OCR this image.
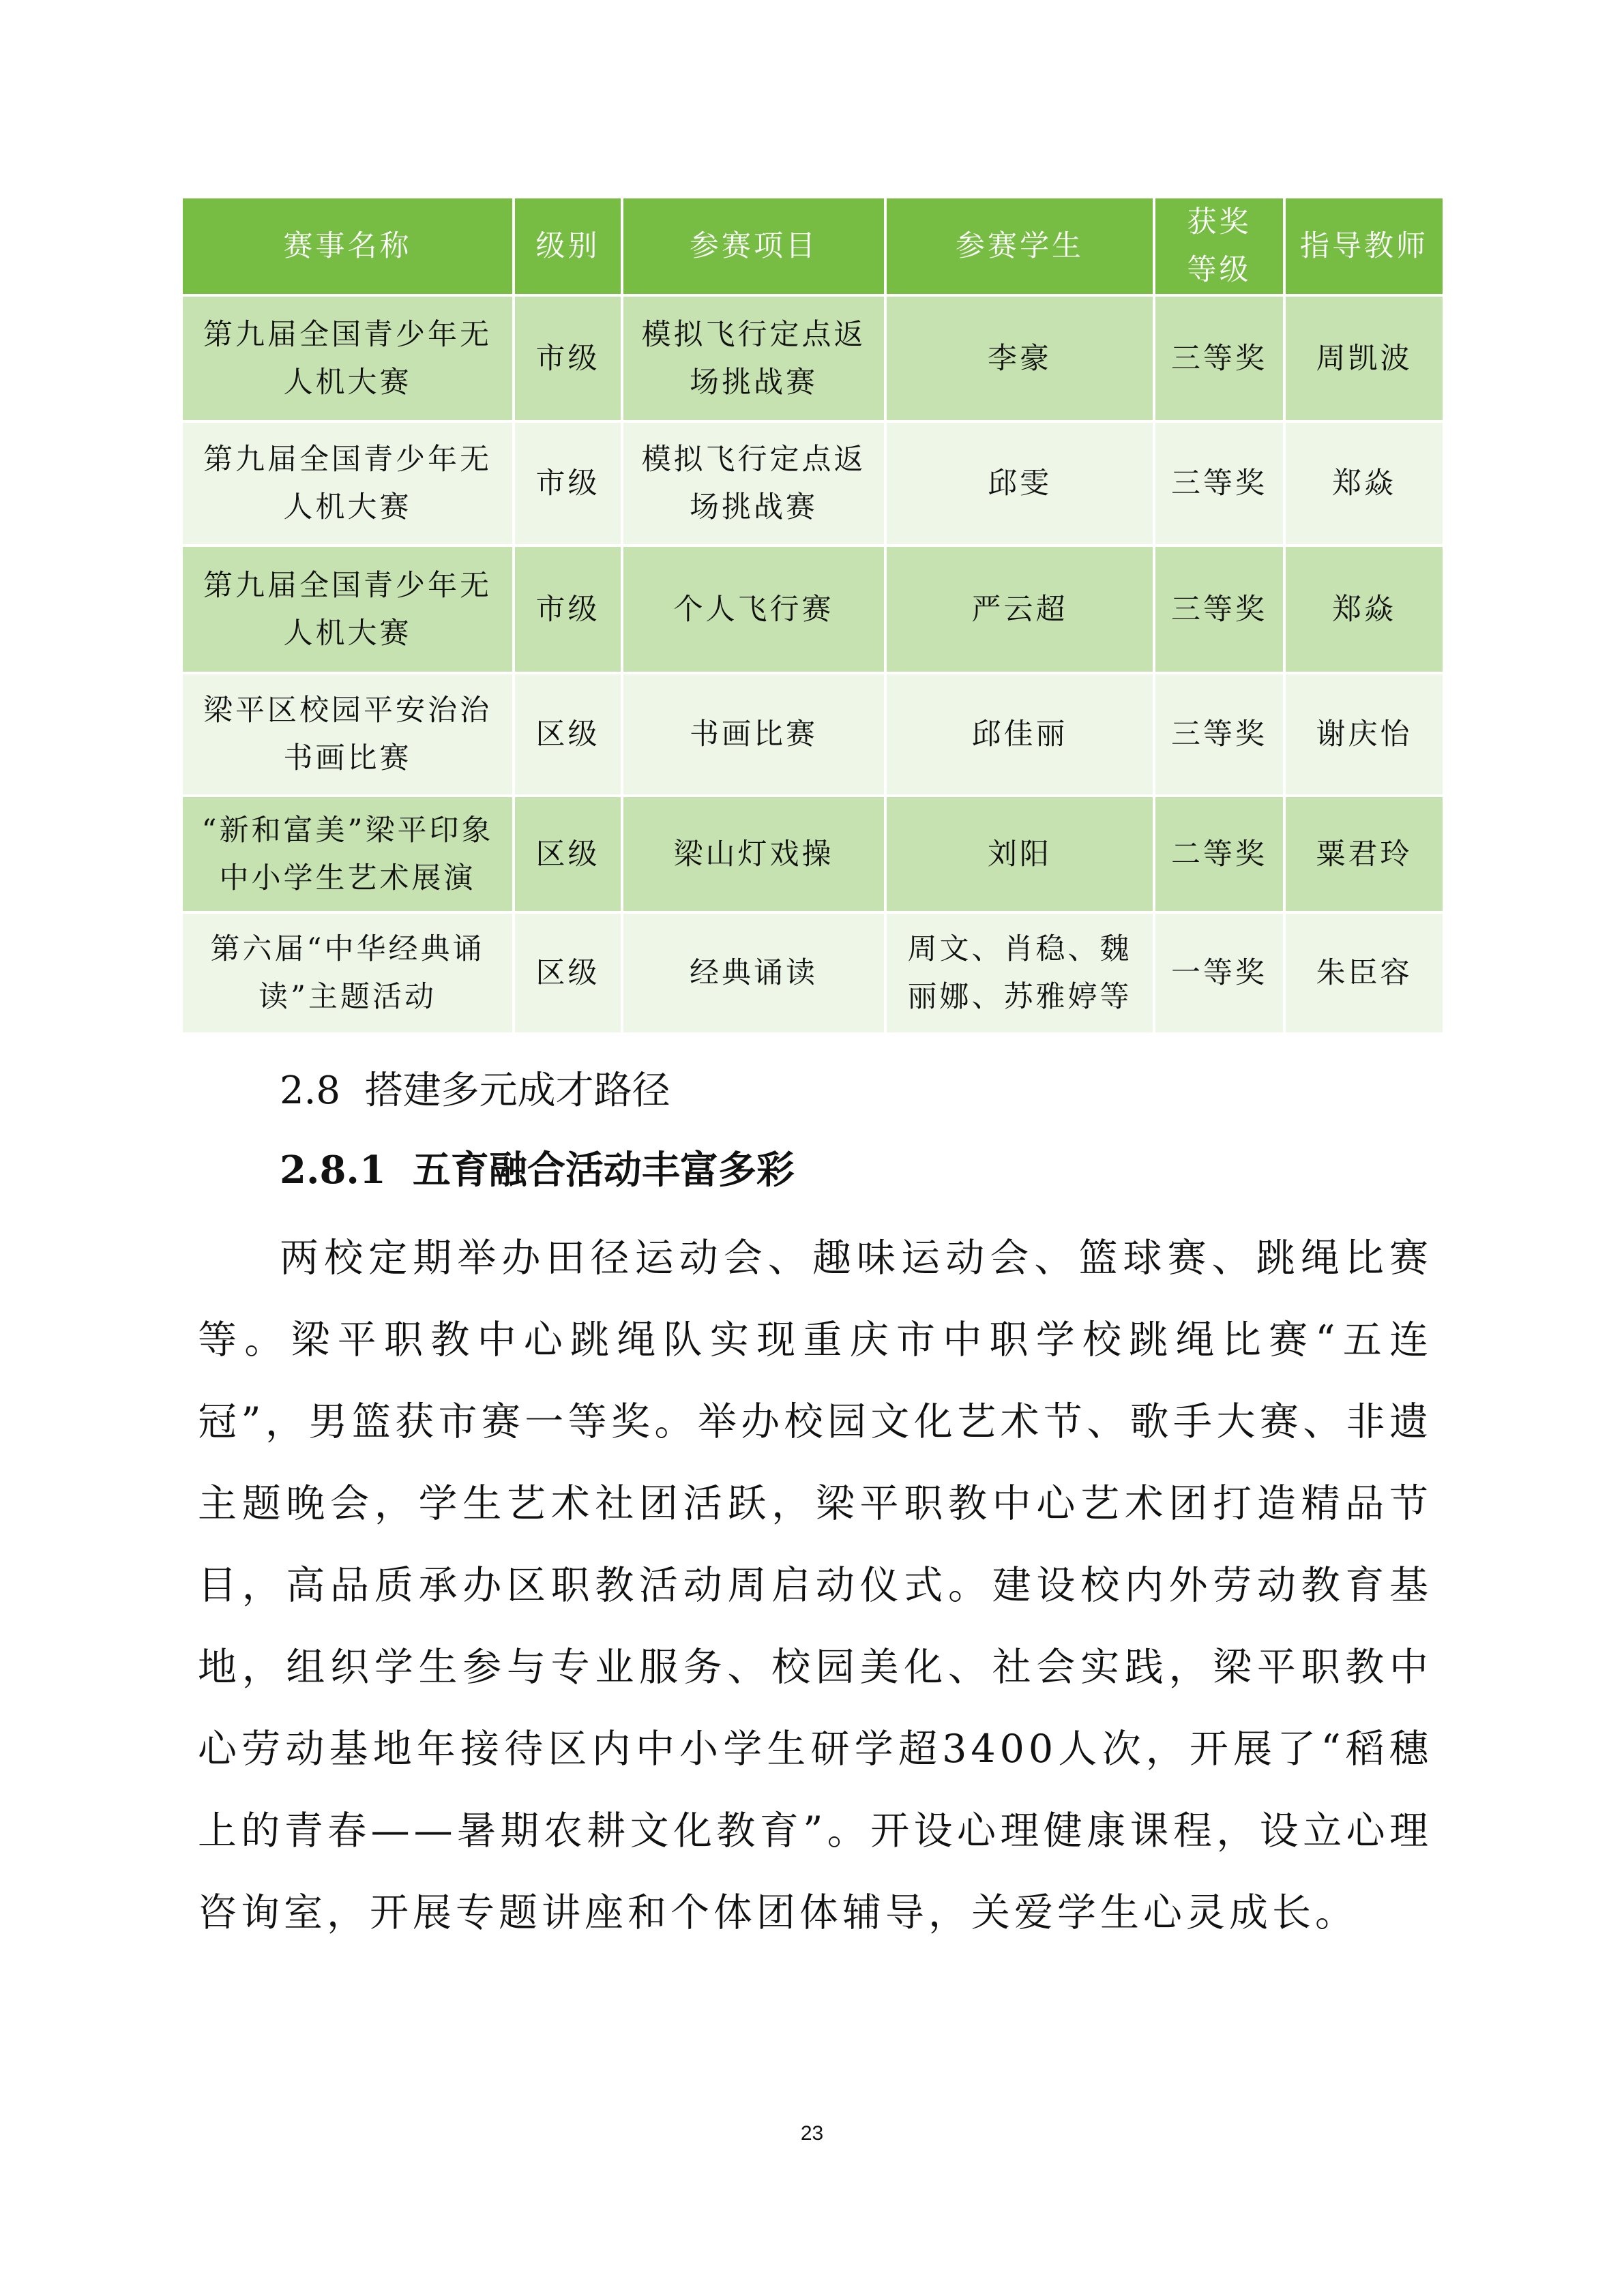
赛事名称	级别	参赛项目	参赛学生	获奖等级	指导教师
第九届全国青少年无人机大赛	市级	模拟飞行定点返场挑战赛	李豪	三等奖	周凯波
第九届全国青少年无人机大赛	市级	模拟飞行定点返场挑战赛	邱雯	三等奖	郑焱
第九届全国青少年无人机大赛	市级	个人飞行赛	严云超	三等奖	郑焱
梁平区校园平安治治书画比赛	区级	书画比赛	邱佳丽	三等奖	谢庆怡
“新和富美”梁平印象中小学生艺术展演	区级	梁山灯戏操	刘阳	二等奖	粟君玲
第六届“中华经典诵读”主题活动	区级	经典诵读	周文、肖稳、魏丽娜、苏雅婷等	一等奖	朱臣容
2.8 搭建多元成才路径
2.8.1 五育融合活动丰富多彩
两校定期举办田径运动会、趣味运动会、篮球赛、跳绳比赛等。梁平职教中心跳绳队实现重庆市中职学校跳绳比赛“五连冠”，男篮获市赛一等奖。举办校园文化艺术节、歌手大赛、非遗主题晚会，学生艺术社团活跃，梁平职教中心艺术团打造精品节目，高品质承办区职教活动周启动仪式。建设校内外劳动教育基地，组织学生参与专业服务、校园美化、社会实践，梁平职教中心劳动基地年接待区内中小学生研学超3400人次，开展了“稻穗上的青春——暑期农耕文化教育”。开设心理健康课程，设立心理咨询室，开展专题讲座和个体团体辅导，关爱学生心灵成长。
23
